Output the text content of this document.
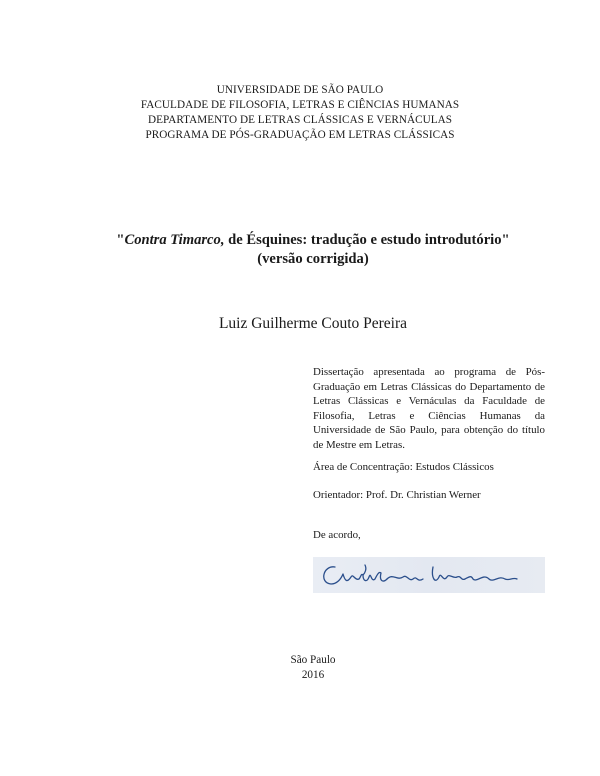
UNIVERSIDADE DE SÃO PAULO
FACULDADE DE FILOSOFIA, LETRAS E CIÊNCIAS HUMANAS
DEPARTAMENTO DE LETRAS CLÁSSICAS E VERNÁCULAS
PROGRAMA DE PÓS-GRADUAÇÃO EM LETRAS CLÁSSICAS
"Contra Timarco, de Ésquines: tradução e estudo introdutório"
(versão corrigida)
Luiz Guilherme Couto Pereira
Dissertação apresentada ao programa de Pós-Graduação em Letras Clássicas do Departamento de Letras Clássicas e Vernáculas da Faculdade de Filosofia, Letras e Ciências Humanas da Universidade de São Paulo, para obtenção do título de Mestre em Letras.
Área de Concentração: Estudos Clássicos
Orientador: Prof. Dr. Christian Werner
De acordo,
São Paulo
2016
